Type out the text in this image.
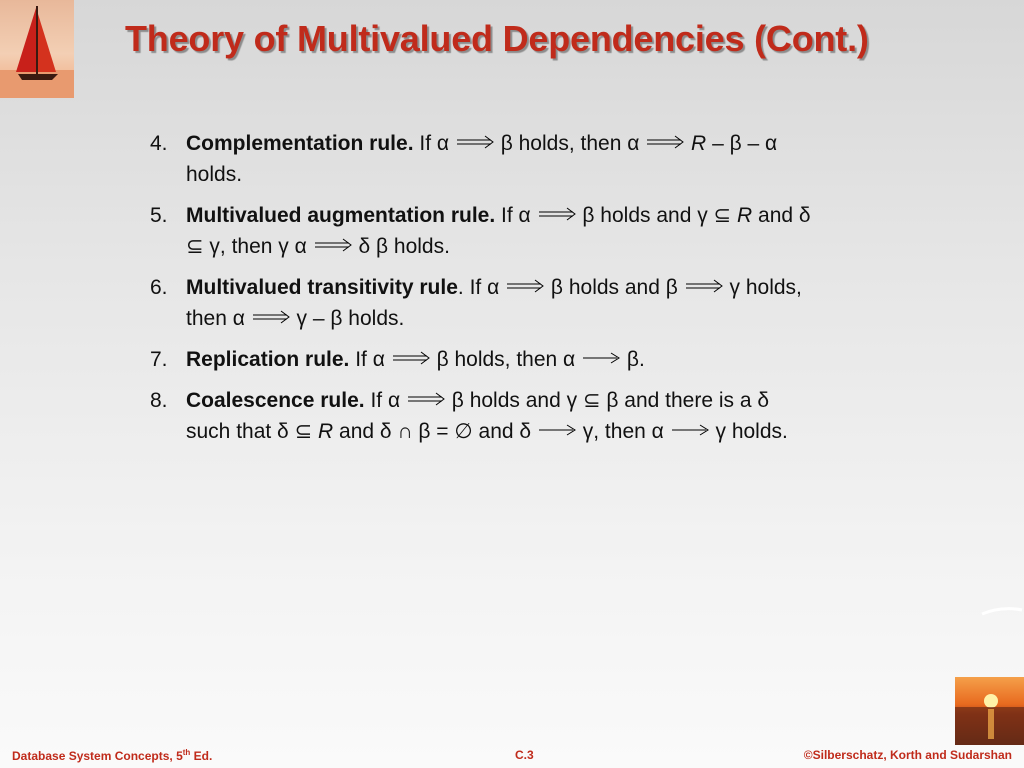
Theory of Multivalued Dependencies (Cont.)
4. Complementation rule. If α β holds, then α R – β – α
holds.
5. Multivalued augmentation rule. If α β holds and γ ⊆ R and δ
⊆ γ, then γ α δ β holds.
6. Multivalued transitivity rule. If α β holds and β γ holds,
then α γ – β holds.
7. Replication rule. If α β holds, then α β.
8. Coalescence rule. If α β holds and γ ⊆ β and there is a δ
such that δ ⊆ R and δ ∩ β = ∅ and δ γ, then α γ holds.
Database System Concepts, 5th Ed.	C.3	©Silberschatz, Korth and Sudarshan
